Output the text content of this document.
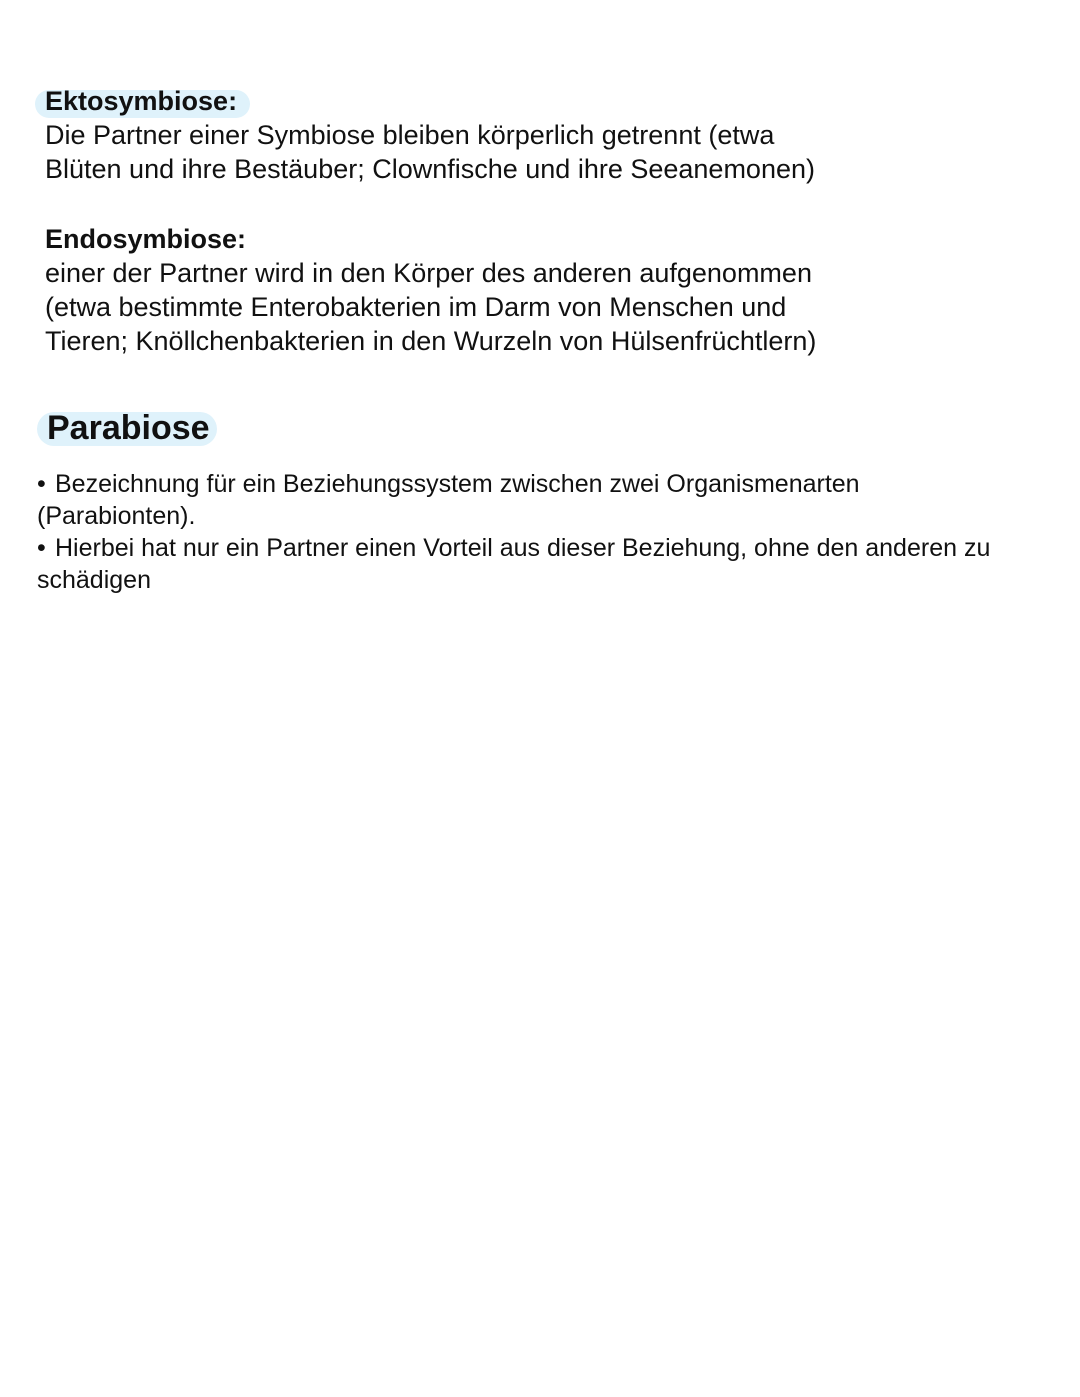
Ektosymbiose:

Die Partner einer Symbiose bleiben körperlich getrennt (etwa

Blüten und ihre Bestäuber; Clownfische und ihre Seeanemonen)

Endosymbiose:

einer der Partner wird in den Körper des anderen aufgenommen

(etwa bestimmte Enterobakterien im Darm von Menschen und

Tieren; Knöllchenbakterien in den Wurzeln von Hülsenfrüchtlern)

Parabiose

• Bezeichnung für ein Beziehungssystem zwischen zwei Organismenarten

(Parabionten).

• Hierbei hat nur ein Partner einen Vorteil aus dieser Beziehung, ohne den anderen zu

schädigen
